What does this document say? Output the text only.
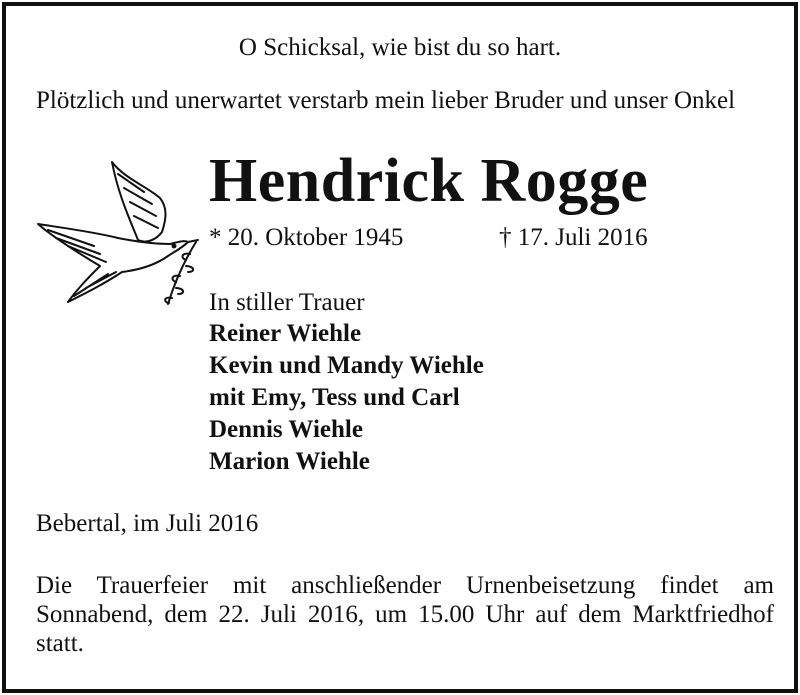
O Schicksal, wie bist du so hart.

Plötzlich und unerwartet verstarb mein lieber Bruder und unser Onkel

Hendrick Rogge

* 20. Oktober 1945	† 17. Juli 2016

In stiller Trauer

Reiner Wiehle
Kevin und Mandy Wiehle
mit Emy, Tess und Carl
Dennis Wiehle
Marion Wiehle

Bebertal, im Juli 2016

Die Trauerfeier mit anschließender Urnenbeisetzung findet am Sonnabend, dem 22. Juli 2016, um 15.00 Uhr auf dem Marktfriedhof statt.
